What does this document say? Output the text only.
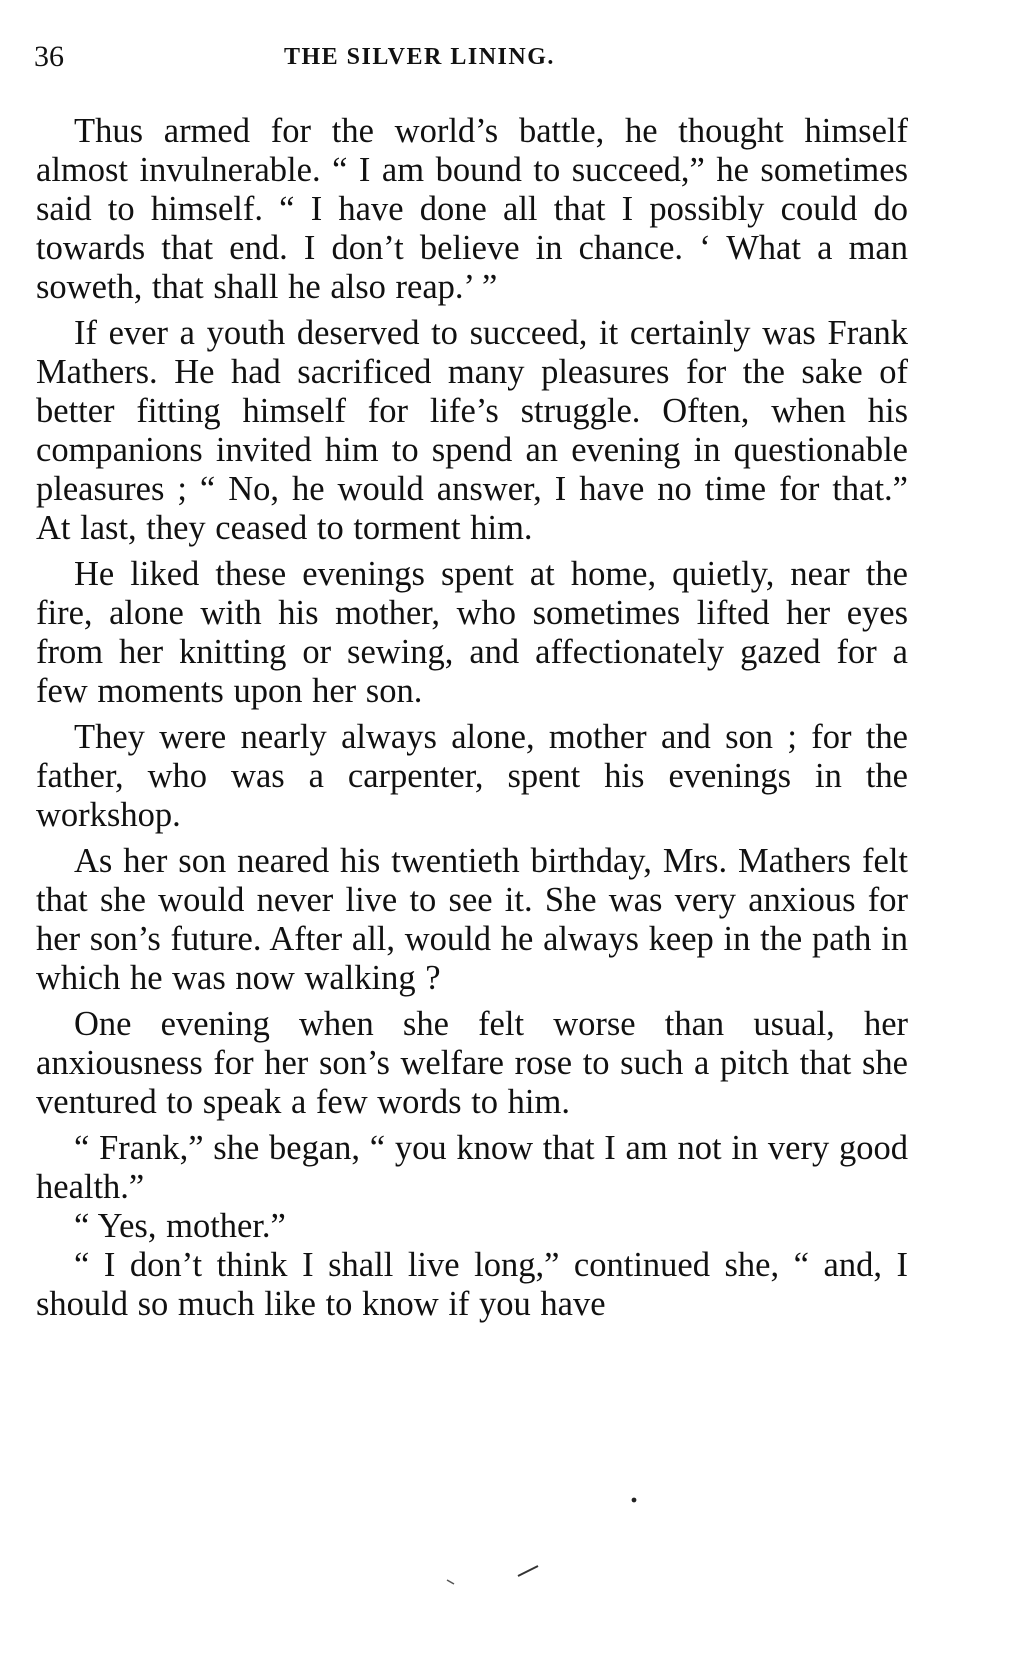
36	THE SILVER LINING.

Thus armed for the world’s battle, he thought himself almost invulnerable. “ I am bound to succeed,” he sometimes said to himself. “ I have done all that I possibly could do towards that end. I don’t believe in chance. ‘ What a man soweth, that shall he also reap.’ ”

If ever a youth deserved to succeed, it certainly was Frank Mathers. He had sacrificed many pleasures for the sake of better fitting himself for life’s struggle. Often, when his companions invited him to spend an evening in questionable pleasures ; “ No, he would answer, I have no time for that.” At last, they ceased to torment him.

He liked these evenings spent at home, quietly, near the fire, alone with his mother, who sometimes lifted her eyes from her knitting or sewing, and affectionately gazed for a few moments upon her son.

They were nearly always alone, mother and son ; for the father, who was a carpenter, spent his evenings in the workshop.

As her son neared his twentieth birthday, Mrs. Mathers felt that she would never live to see it. She was very anxious for her son’s future. After all, would he always keep in the path in which he was now walking ?

One evening when she felt worse than usual, her anxiousness for her son’s welfare rose to such a pitch that she ventured to speak a few words to him.

“ Frank,” she began, “ you know that I am not in very good health.”

“ Yes, mother.”

“ I don’t think I shall live long,” continued she, “ and, I should so much like to know if you have
